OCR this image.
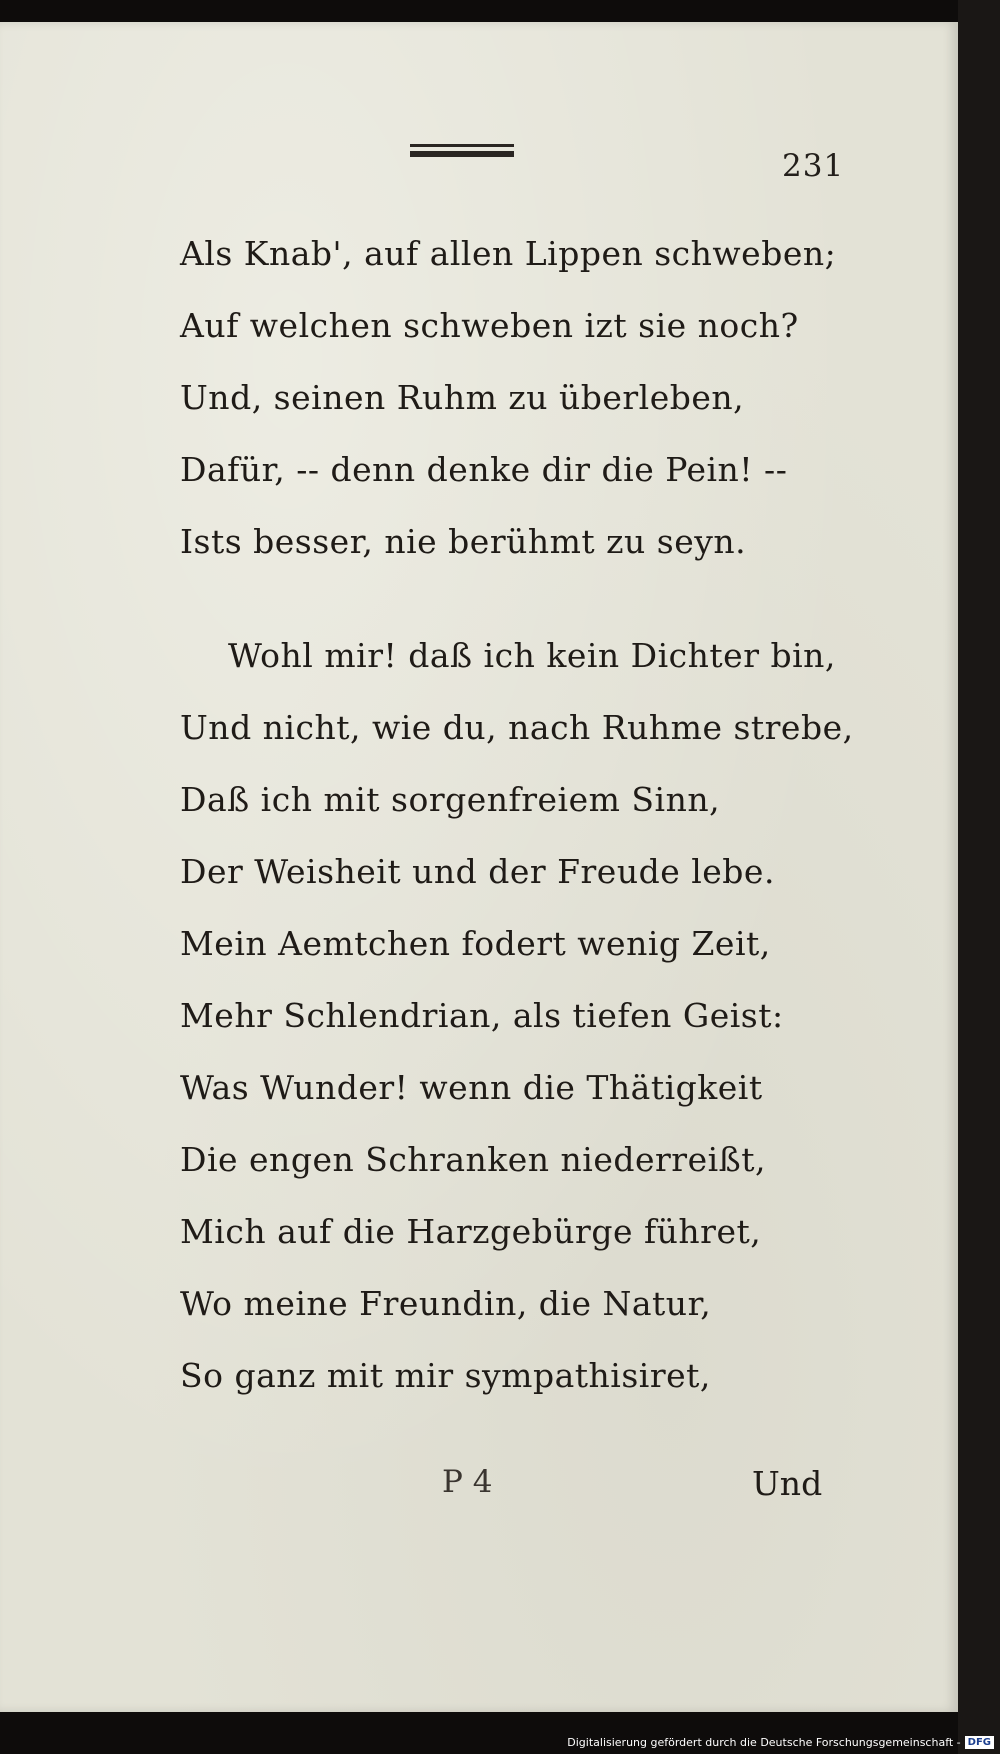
231
Als Knab', auf allen Lippen schweben;
Auf welchen schweben izt sie noch?
Und, seinen Ruhm zu überleben,
Dafür, -- denn denke dir die Pein! --
Ists besser, nie berühmt zu seyn.
Wohl mir! daß ich kein Dichter bin,
Und nicht, wie du, nach Ruhme strebe,
Daß ich mit sorgenfreiem Sinn,
Der Weisheit und der Freude lebe.
Mein Aemtchen fodert wenig Zeit,
Mehr Schlendrian, als tiefen Geist:
Was Wunder! wenn die Thätigkeit
Die engen Schranken niederreißt,
Mich auf die Harzgebürge führet,
Wo meine Freundin, die Natur,
So ganz mit mir sympathisiret,
P 4	Und
Digitalisierung gefördert durch die Deutsche Forschungsgemeinschaft - DFG
